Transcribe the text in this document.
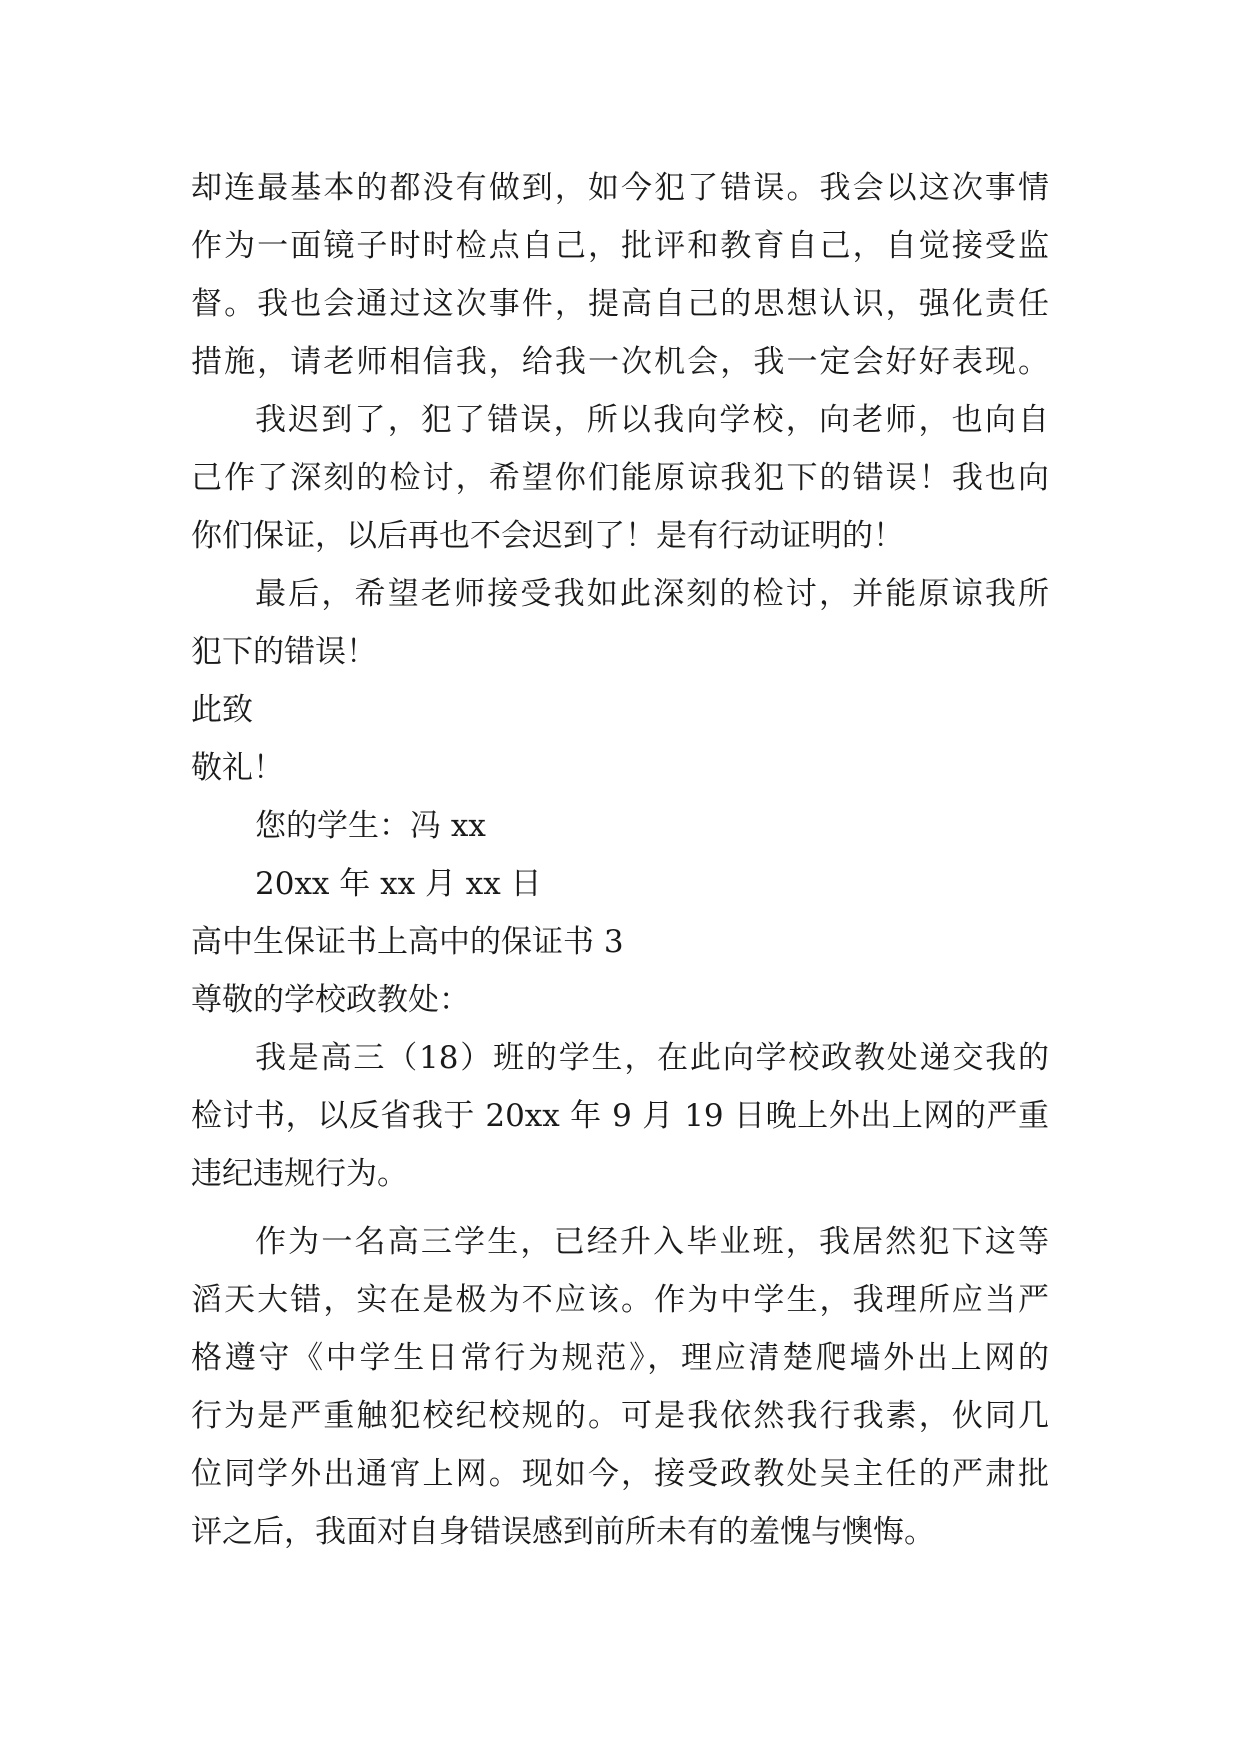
却连最基本的都没有做到，如今犯了错误。我会以这次事情
作为一面镜子时时检点自己，批评和教育自己，自觉接受监
督。我也会通过这次事件，提高自己的思想认识，强化责任
措施，请老师相信我，给我一次机会，我一定会好好表现。
我迟到了，犯了错误，所以我向学校，向老师，也向自
己作了深刻的检讨，希望你们能原谅我犯下的错误！我也向
你们保证，以后再也不会迟到了！是有行动证明的！
最后，希望老师接受我如此深刻的检讨，并能原谅我所
犯下的错误！
此致
敬礼！
您的学生：冯 xx
20xx 年 xx 月 xx 日
高中生保证书上高中的保证书 3
尊敬的学校政教处：
我是高三（18）班的学生，在此向学校政教处递交我的
检讨书，以反省我于 20xx 年 9 月 19 日晚上外出上网的严重
违纪违规行为。
作为一名高三学生，已经升入毕业班，我居然犯下这等
滔天大错，实在是极为不应该。作为中学生，我理所应当严
格遵守《中学生日常行为规范》，理应清楚爬墙外出上网的
行为是严重触犯校纪校规的。可是我依然我行我素，伙同几
位同学外出通宵上网。现如今，接受政教处吴主任的严肃批
评之后，我面对自身错误感到前所未有的羞愧与懊悔。
